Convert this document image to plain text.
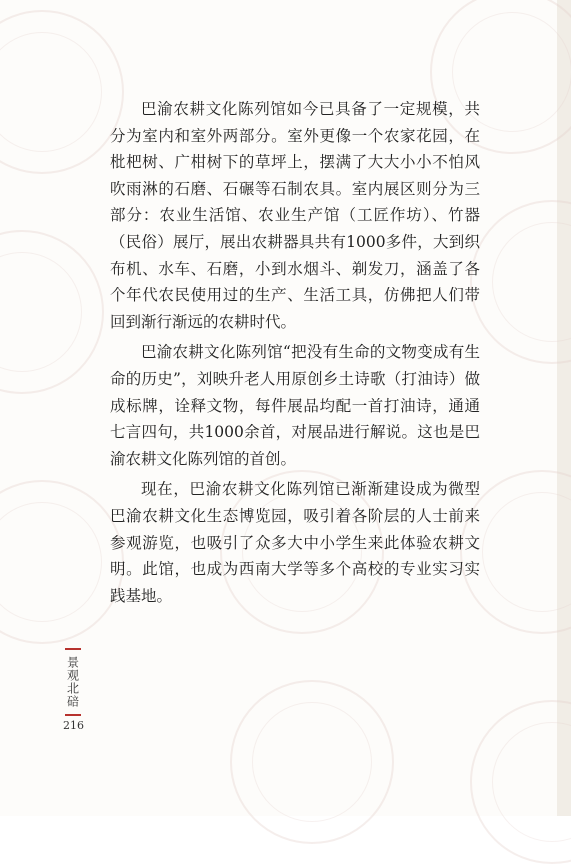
巴渝农耕文化陈列馆如今已具备了一定规模，共分为室内和室外两部分。室外更像一个农家花园，在枇杷树、广柑树下的草坪上，摆满了大大小小不怕风吹雨淋的石磨、石碾等石制农具。室内展区则分为三部分：农业生活馆、农业生产馆（工匠作坊）、竹器（民俗）展厅，展出农耕器具共有1000多件，大到织布机、水车、石磨，小到水烟斗、剃发刀，涵盖了各个年代农民使用过的生产、生活工具，仿佛把人们带回到渐行渐远的农耕时代。

巴渝农耕文化陈列馆“把没有生命的文物变成有生命的历史”，刘映升老人用原创乡土诗歌（打油诗）做成标牌，诠释文物，每件展品均配一首打油诗，通通七言四句，共1000余首，对展品进行解说。这也是巴渝农耕文化陈列馆的首创。

现在，巴渝农耕文化陈列馆已渐渐建设成为微型巴渝农耕文化生态博览园，吸引着各阶层的人士前来参观游览，也吸引了众多大中小学生来此体验农耕文明。此馆，也成为西南大学等多个高校的专业实习实践基地。

景观北碚
216
